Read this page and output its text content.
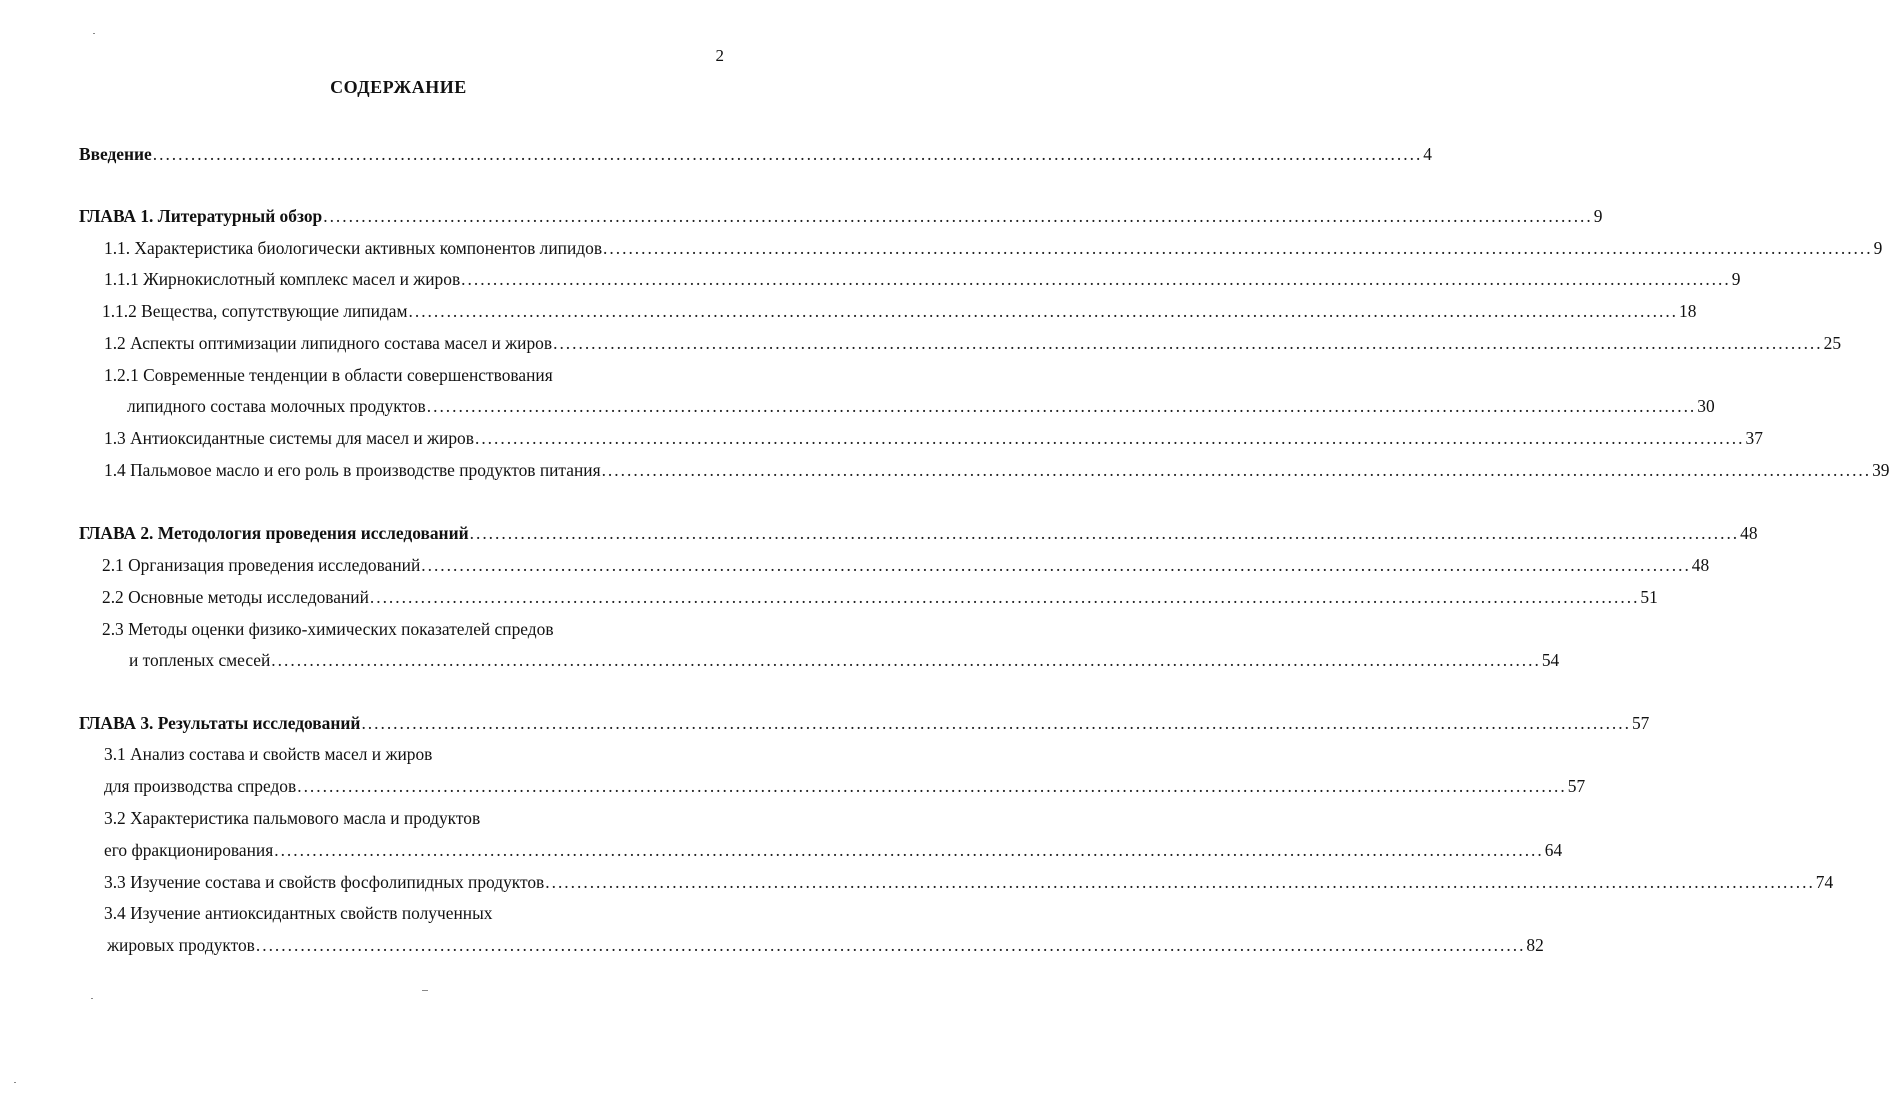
2
СОДЕРЖАНИЕ
Введение ........................................................................................................................................................................................................ 4
ГЛАВА 1. Литературный обзор ........................................................................................................................................................................................................ 9
1.1. Характеристика биологически активных компонентов липидов ........................................................................................................................................................................................................ 9
1.1.1 Жирнокислотный комплекс масел и жиров ........................................................................................................................................................................................................ 9
1.1.2 Вещества, сопутствующие липидам ........................................................................................................................................................................................................ 18
1.2 Аспекты оптимизации липидного состава масел и жиров ........................................................................................................................................................................................................ 25
1.2.1 Современные тенденции в области совершенствования
липидного состава молочных продуктов ........................................................................................................................................................................................................ 30
1.3 Антиоксидантные системы для масел и жиров ........................................................................................................................................................................................................ 37
1.4 Пальмовое масло и его роль в производстве продуктов питания ........................................................................................................................................................................................................ 39
ГЛАВА 2. Методология проведения исследований ........................................................................................................................................................................................................ 48
2.1 Организация проведения исследований ........................................................................................................................................................................................................ 48
2.2 Основные методы исследований ........................................................................................................................................................................................................ 51
2.3 Методы оценки физико-химических показателей спредов
и топленых смесей ........................................................................................................................................................................................................ 54
ГЛАВА 3. Результаты исследований ........................................................................................................................................................................................................ 57
3.1 Анализ состава и свойств масел и жиров
для производства спредов ........................................................................................................................................................................................................ 57
3.2 Характеристика пальмового масла и продуктов
его фракционирования ........................................................................................................................................................................................................ 64
3.3 Изучение состава и свойств фосфолипидных продуктов ........................................................................................................................................................................................................ 74
3.4 Изучение антиоксидантных свойств полученных
жировых продуктов ........................................................................................................................................................................................................ 82
